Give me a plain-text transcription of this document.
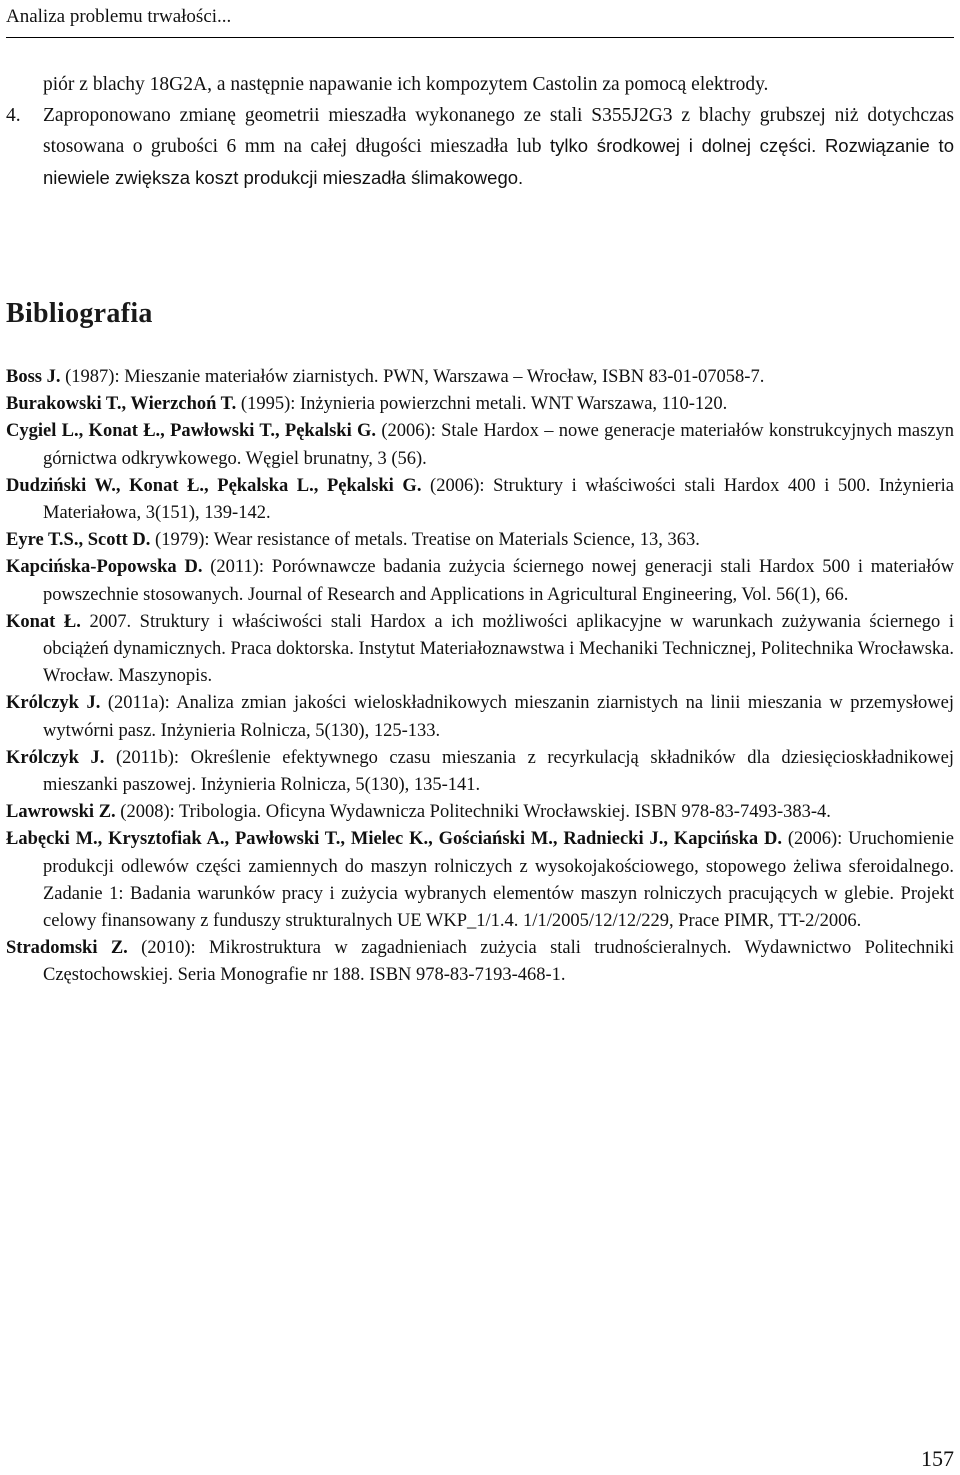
Analiza problemu trwałości...
piór z blachy 18G2A, a następnie napawanie ich kompozytem Castolin za pomocą elektrody.
4. Zaproponowano zmianę geometrii mieszadła wykonanego ze stali S355J2G3 z blachy grubszej niż dotychczas stosowana o grubości 6 mm na całej długości mieszadła lub tylko środkowej i dolnej części. Rozwiązanie to niewiele zwiększa koszt produkcji mieszadła ślimakowego.
Bibliografia
Boss J. (1987): Mieszanie materiałów ziarnistych. PWN, Warszawa – Wrocław, ISBN 83-01-07058-7.
Burakowski T., Wierzchoń T. (1995): Inżynieria powierzchni metali. WNT Warszawa, 110-120.
Cygiel L., Konat Ł., Pawłowski T., Pękalski G. (2006): Stale Hardox – nowe generacje materiałów konstrukcyjnych maszyn górnictwa odkrywkowego. Węgiel brunatny, 3 (56).
Dudziński W., Konat Ł., Pękalska L., Pękalski G. (2006): Struktury i właściwości stali Hardox 400 i 500. Inżynieria Materiałowa, 3(151), 139-142.
Eyre T.S., Scott D. (1979): Wear resistance of metals. Treatise on Materials Science, 13, 363.
Kapcińska-Popowska D. (2011): Porównawcze badania zużycia ściernego nowej generacji stali Hardox 500 i materiałów powszechnie stosowanych. Journal of Research and Applications in Agricultural Engineering, Vol. 56(1), 66.
Konat Ł. 2007. Struktury i właściwości stali Hardox a ich możliwości aplikacyjne w warunkach zużywania ściernego i obciążeń dynamicznych. Praca doktorska. Instytut Materiałoznawstwa i Mechaniki Technicznej, Politechnika Wrocławska. Wrocław. Maszynopis.
Królczyk J. (2011a): Analiza zmian jakości wieloskładnikowych mieszanin ziarnistych na linii mieszania w przemysłowej wytwórni pasz. Inżynieria Rolnicza, 5(130), 125-133.
Królczyk J. (2011b): Określenie efektywnego czasu mieszania z recyrkulacją składników dla dziesięcioskładnikowej mieszanki paszowej. Inżynieria Rolnicza, 5(130), 135-141.
Lawrowski Z. (2008): Tribologia. Oficyna Wydawnicza Politechniki Wrocławskiej. ISBN 978-83-7493-383-4.
Łabęcki M., Krysztofiak A., Pawłowski T., Mielec K., Gościański M., Radniecki J., Kapcińska D. (2006): Uruchomienie produkcji odlewów części zamiennych do maszyn rolniczych z wysokojakościowego, stopowego żeliwa sferoidalnego. Zadanie 1: Badania warunków pracy i zużycia wybranych elementów maszyn rolniczych pracujących w glebie. Projekt celowy finansowany z funduszy strukturalnych UE WKP_1/1.4. 1/1/2005/12/12/229, Prace PIMR, TT-2/2006.
Stradomski Z. (2010): Mikrostruktura w zagadnieniach zużycia stali trudnościeralnych. Wydawnictwo Politechniki Częstochowskiej. Seria Monografie nr 188. ISBN 978-83-7193-468-1.
157
